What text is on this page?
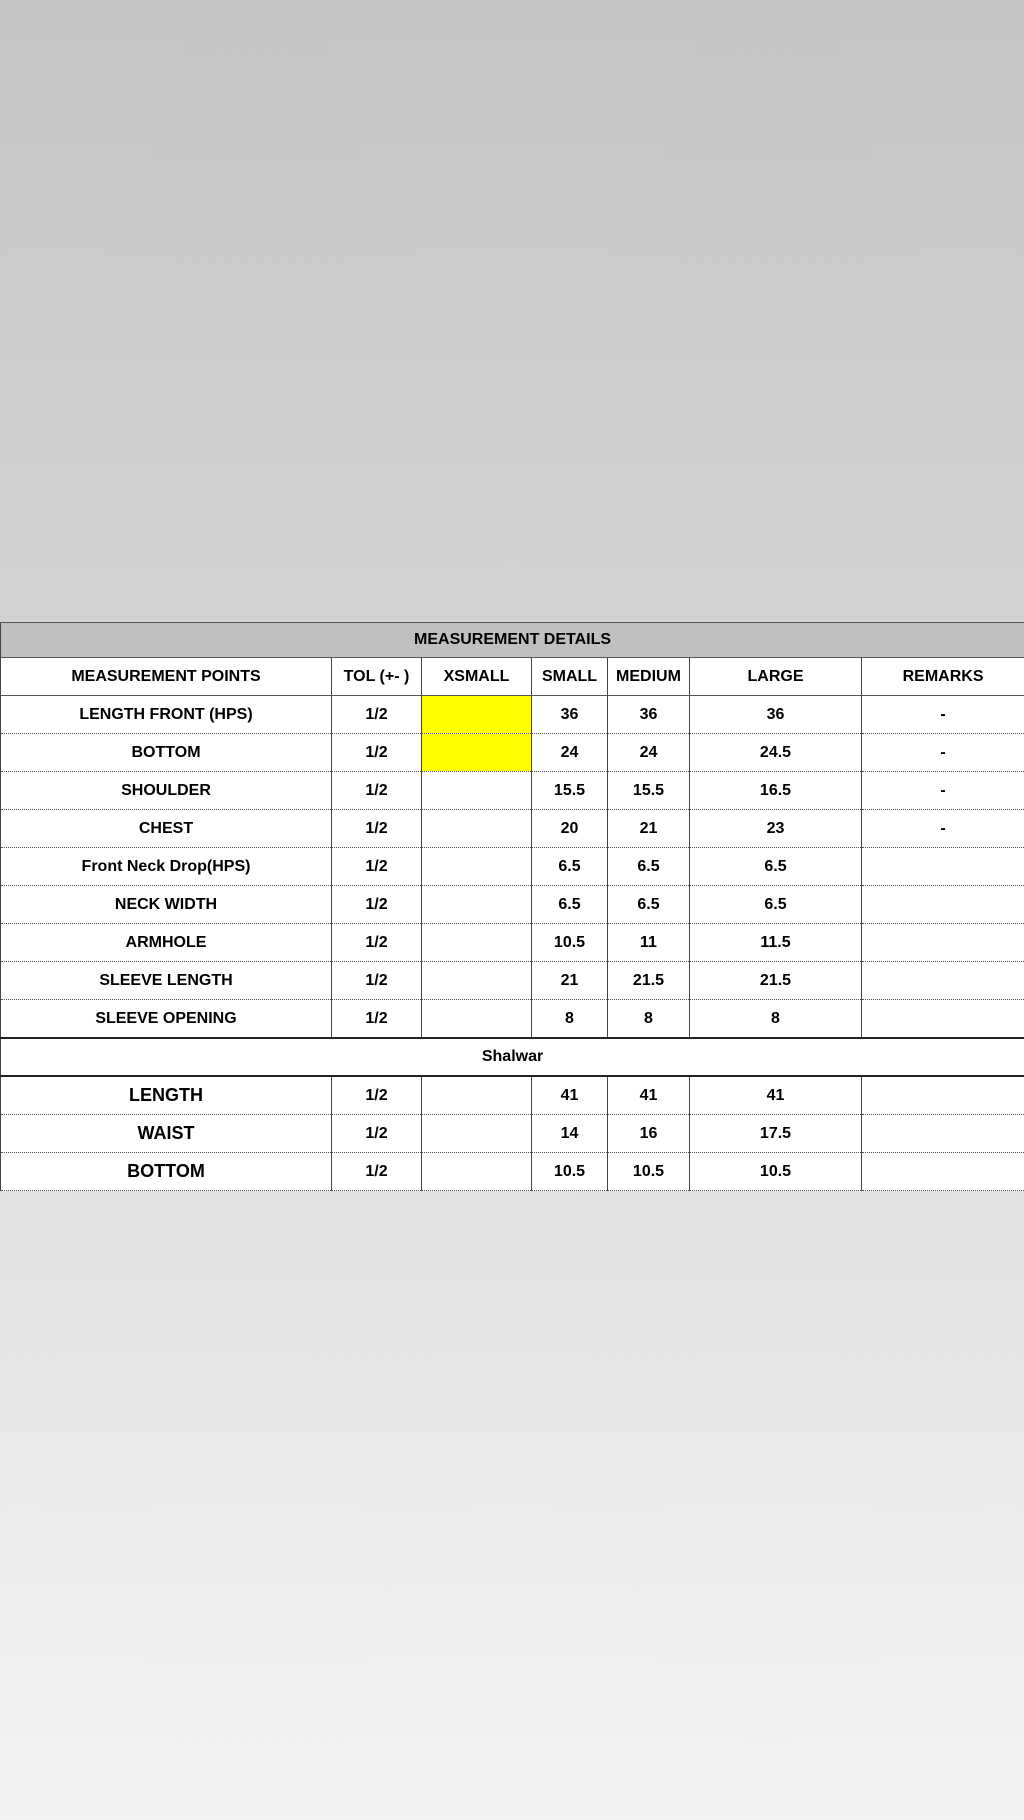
MEASUREMENT DETAILS						
MEASUREMENT POINTS	TOL (+- )	XSMALL	SMALL	MEDIUM	LARGE	REMARKS
LENGTH FRONT (HPS)	1/2		36	36	36	-
BOTTOM	1/2		24	24	24.5	-
SHOULDER	1/2		15.5	15.5	16.5	-
CHEST	1/2		20	21	23	-
Front Neck Drop(HPS)	1/2		6.5	6.5	6.5	
NECK WIDTH	1/2		6.5	6.5	6.5	
ARMHOLE	1/2		10.5	11	11.5	
SLEEVE LENGTH	1/2		21	21.5	21.5	
SLEEVE OPENING	1/2		8	8	8	
Shalwar						
LENGTH	1/2		41	41	41	
WAIST	1/2		14	16	17.5	
BOTTOM	1/2		10.5	10.5	10.5	
